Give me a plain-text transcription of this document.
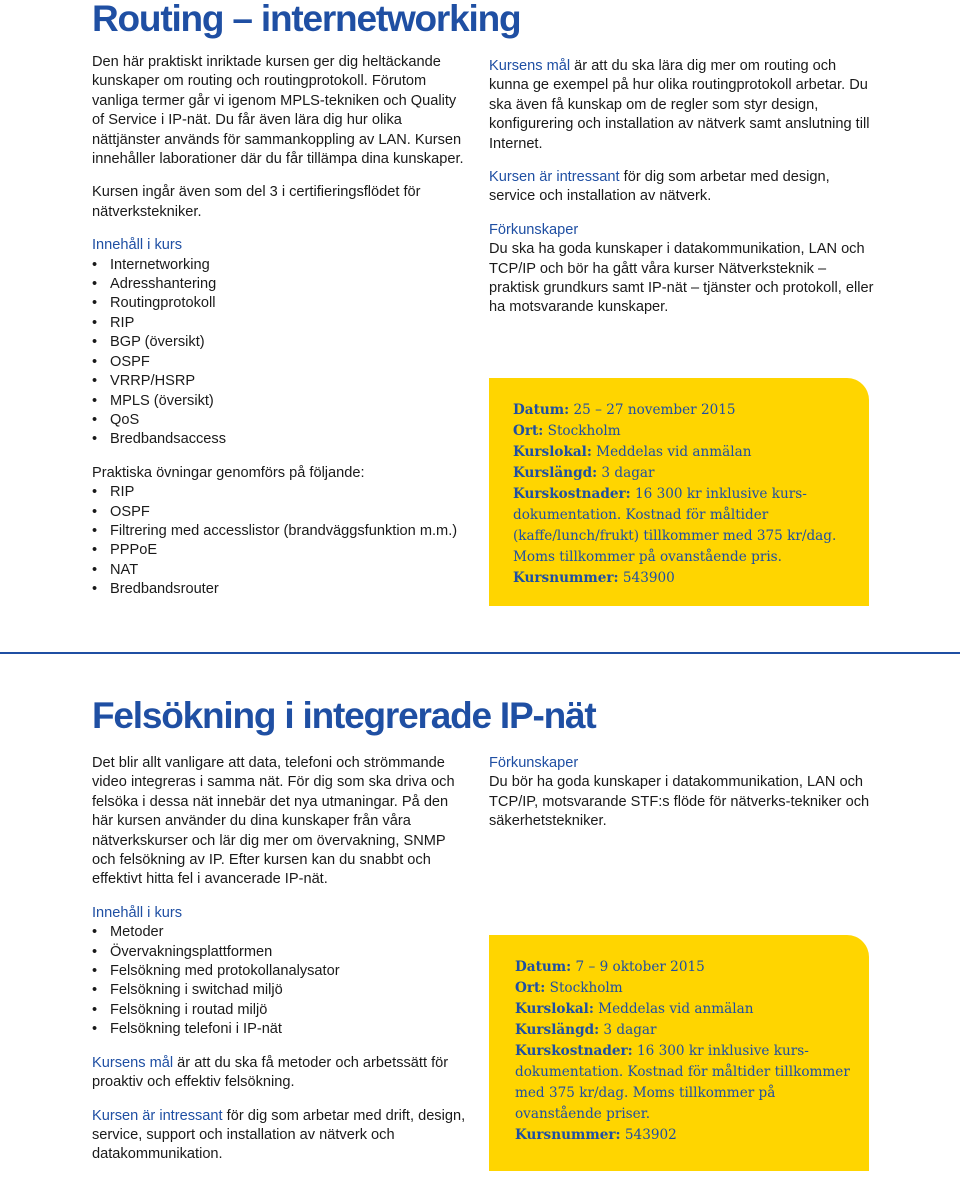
Routing – internetworking

Den här praktiskt inriktade kursen ger dig heltäckande kunskaper om routing och routingprotokoll. Förutom vanliga termer går vi igenom MPLS-tekniken och Quality of Service i IP-nät. Du får även lära dig hur olika nättjänster används för sammankoppling av LAN. Kursen innehåller laborationer där du får tillämpa dina kunskaper.

Kursen ingår även som del 3 i certifieringsflödet för nätverkstekniker.

Innehåll i kurs
• Internetworking
• Adresshantering
• Routingprotokoll
• RIP
• BGP (översikt)
• OSPF
• VRRP/HSRP
• MPLS (översikt)
• QoS
• Bredbandsaccess
Praktiska övningar genomförs på följande:
• RIP
• OSPF
• Filtrering med accesslistor (brandväggsfunktion m.m.)
• PPPoE
• NAT
• Bredbandsrouter

Kursens mål är att du ska lära dig mer om routing och kunna ge exempel på hur olika routingprotokoll arbetar. Du ska även få kunskap om de regler som styr design, konfigurering och installation av nätverk samt anslutning till Internet.

Kursen är intressant för dig som arbetar med design, service och installation av nätverk.

Förkunskaper

Du ska ha goda kunskaper i datakommunikation, LAN och TCP/IP och bör ha gått våra kurser Nätverksteknik – praktisk grundkurs samt IP-nät – tjänster och protokoll, eller ha motsvarande kunskaper.

Datum: 25 – 27 november 2015

Ort: Stockholm

Kurslokal: Meddelas vid anmälan

Kurslängd: 3 dagar

Kurskostnader: 16 300 kr inklusive kurs-dokumentation. Kostnad för måltider (kaffe/lunch/frukt) tillkommer med 375 kr/dag. Moms tillkommer på ovanstående pris.

Kursnummer: 543900

Felsökning i integrerade IP-nät

Det blir allt vanligare att data, telefoni och strömmande video integreras i samma nät. För dig som ska driva och felsöka i dessa nät innebär det nya utmaningar. På den här kursen använder du dina kunskaper från våra nätverkskurser och lär dig mer om övervakning, SNMP och felsökning av IP. Efter kursen kan du snabbt och effektivt hitta fel i avancerade IP-nät.

Innehåll i kurs
• Metoder
• Övervakningsplattformen
• Felsökning med protokollanalysator
• Felsökning i switchad miljö
• Felsökning i routad miljö
• Felsökning telefoni i IP-nät

Kursens mål är att du ska få metoder och arbetssätt för proaktiv och effektiv felsökning.

Kursen är intressant för dig som arbetar med drift, design, service, support och installation av nätverk och datakommunikation.

Förkunskaper

Du bör ha goda kunskaper i datakommunikation, LAN och TCP/IP, motsvarande STF:s flöde för nätverks-tekniker och säkerhetstekniker.

Datum: 7 – 9 oktober 2015

Ort: Stockholm

Kurslokal: Meddelas vid anmälan

Kurslängd: 3 dagar

Kurskostnader: 16 300 kr inklusive kurs-dokumentation. Kostnad för måltider tillkommer med 375 kr/dag. Moms tillkommer på ovanstående priser.

Kursnummer: 543902
